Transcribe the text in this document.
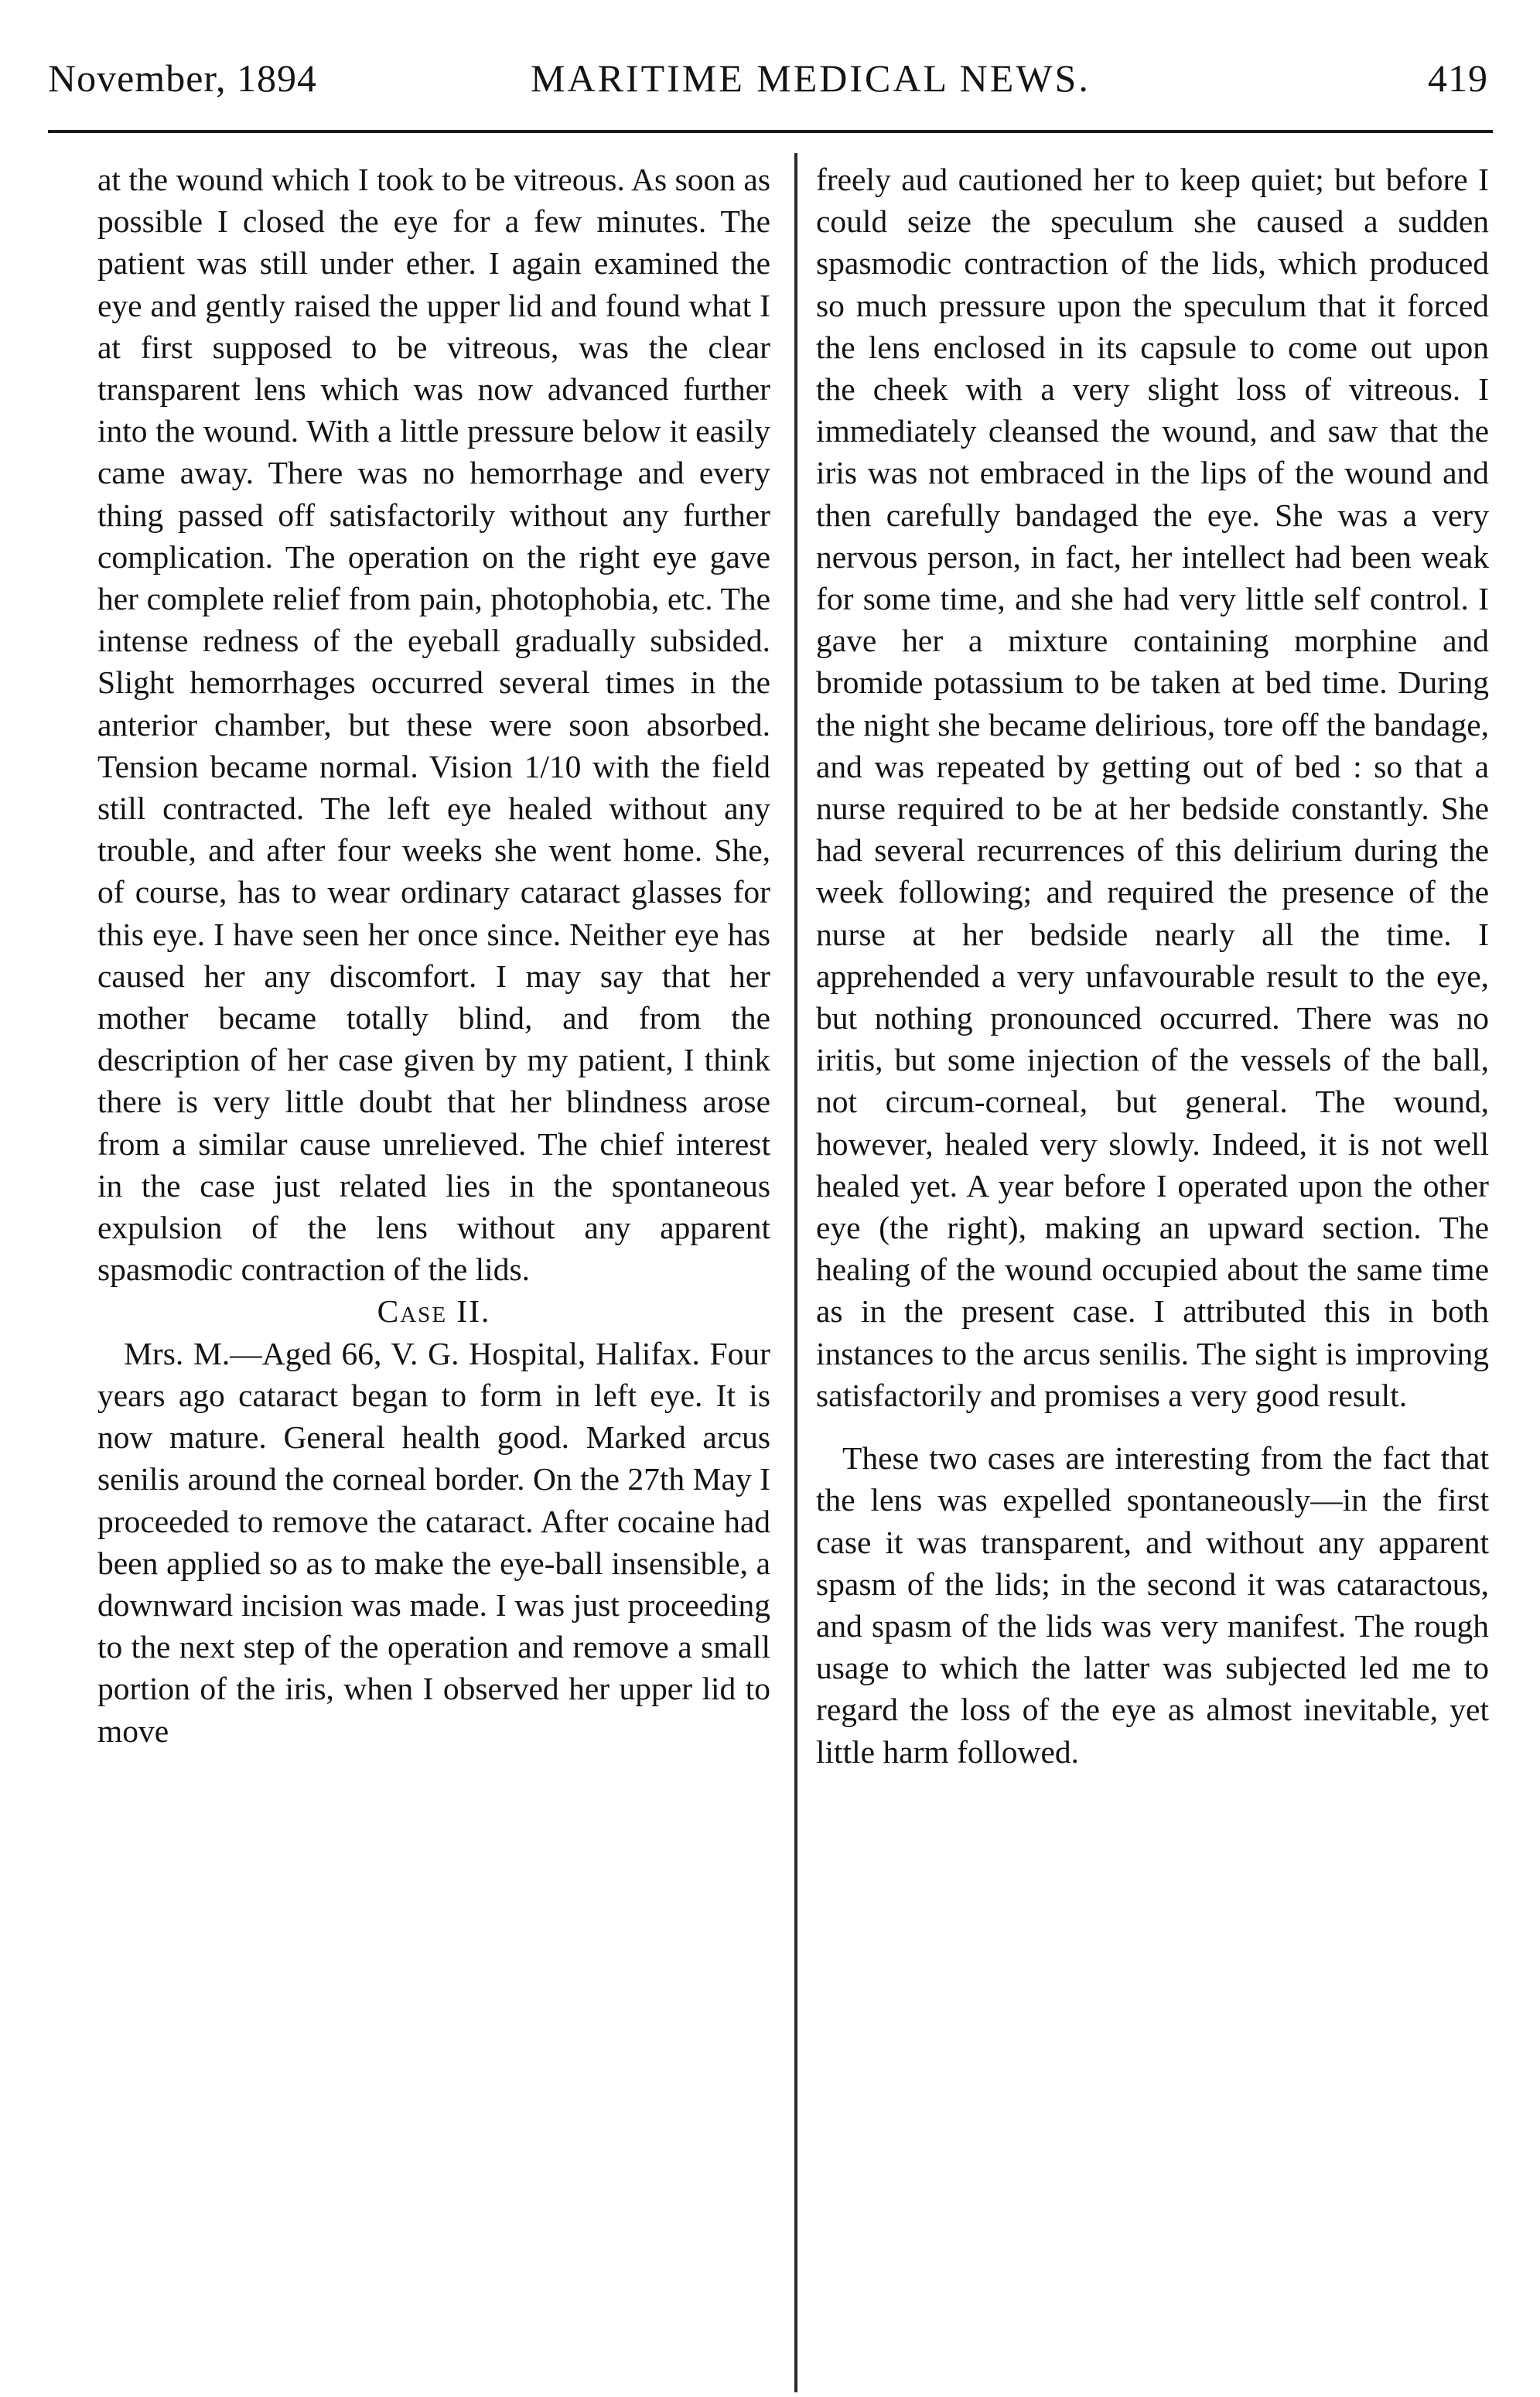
November, 1894	MARITIME MEDICAL NEWS.	419

at the wound which I took to be vitreous. As soon as possible I closed the eye for a few minutes. The patient was still under ether. I again examined the eye and gently raised the upper lid and found what I at first supposed to be vitreous, was the clear transparent lens which was now advanced further into the wound. With a little pressure below it easily came away. There was no hemorrhage and every thing passed off satisfactorily without any further complication. The operation on the right eye gave her complete relief from pain, photophobia, etc. The intense redness of the eyeball gradually subsided. Slight hemorrhages occurred several times in the anterior chamber, but these were soon absorbed. Tension became normal. Vision 1/10 with the field still contracted. The left eye healed without any trouble, and after four weeks she went home. She, of course, has to wear ordinary cataract glasses for this eye. I have seen her once since. Neither eye has caused her any discomfort. I may say that her mother became totally blind, and from the description of her case given by my patient, I think there is very little doubt that her blindness arose from a similar cause unrelieved. The chief interest in the case just related lies in the spontaneous expulsion of the lens without any apparent spasmodic contraction of the lids.

Case II.

Mrs. M.—Aged 66, V. G. Hospital, Halifax. Four years ago cataract began to form in left eye. It is now mature. General health good. Marked arcus senilis around the corneal border. On the 27th May I proceeded to remove the cataract. After cocaine had been applied so as to make the eye-ball insensible, a downward incision was made. I was just proceeding to the next step of the operation and remove a small portion of the iris, when I observed her upper lid to move

freely aud cautioned her to keep quiet; but before I could seize the speculum she caused a sudden spasmodic contraction of the lids, which produced so much pressure upon the speculum that it forced the lens enclosed in its capsule to come out upon the cheek with a very slight loss of vitreous. I immediately cleansed the wound, and saw that the iris was not embraced in the lips of the wound and then carefully bandaged the eye. She was a very nervous person, in fact, her intellect had been weak for some time, and she had very little self control. I gave her a mixture containing morphine and bromide potassium to be taken at bed time. During the night she became delirious, tore off the bandage, and was repeated by getting out of bed : so that a nurse required to be at her bedside constantly. She had several recurrences of this delirium during the week following; and required the presence of the nurse at her bedside nearly all the time. I apprehended a very unfavourable result to the eye, but nothing pronounced occurred. There was no iritis, but some injection of the vessels of the ball, not circum-corneal, but general. The wound, however, healed very slowly. Indeed, it is not well healed yet. A year before I operated upon the other eye (the right), making an upward section. The healing of the wound occupied about the same time as in the present case. I attributed this in both instances to the arcus senilis. The sight is improving satisfactorily and promises a very good result.

These two cases are interesting from the fact that the lens was expelled spontaneously—in the first case it was transparent, and without any apparent spasm of the lids; in the second it was cataractous, and spasm of the lids was very manifest. The rough usage to which the latter was subjected led me to regard the loss of the eye as almost inevitable, yet little harm followed.
